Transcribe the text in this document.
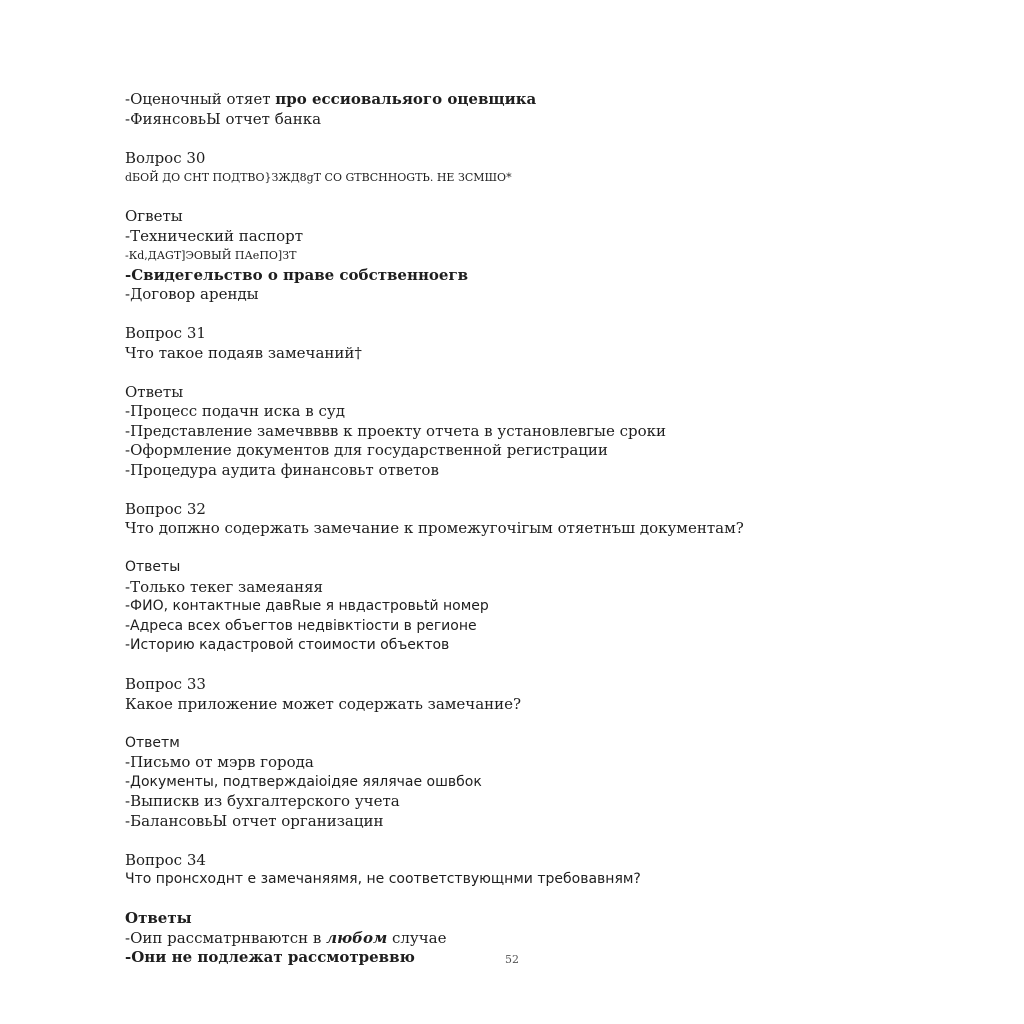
-Оценочный отяет про ессиовальяого оцевщика
-ФиянсовьЫ отчет банка
Волрос 30
dБОЙ ДО СНТ ПОДТВО}ЗЖД8gТ СО GТВСННОGТЬ. НЕ ЗСМШО*
Oгветы
-Технический паспорт
-Кd,ДАGТ]ЭОВЫЙ ПАеПО]ЗТ
-Свидегельство о праве собственноегв
-Договор аренды
Вопрос 31
Что такое подаяв замечаний†
Ответы
-Процесс подачн иска в суд
-Представление замечвввв к проекту отчета в установлевгые сроки
-Оформление документов для государственной регистрации
-Процедура аудита финансовьт ответов
Вопрос 32
Что допжно содержать замечание к промежугочігым отяетнъш документам?
Ответы
-Только текег замеяаняя
-ФИО, контактные давRые я нвдастровьtй номер
-Адреса всех объегтов недвівктіости в регионе
-Историю кадастровой стоимости объектов
Вопрос 33
Какое приложение может содержать замечание?
Ответм
-Письмо от мэрв города
-Документы, подтверждаіоідяе яялячае ошвбок
-Выпискв из бухгалтерского учета
-БалансовьЫ отчет организацин
Вопрос 34
Что пронсходнт е замечаняямя, не соответствующнми требовавням?
Ответы
-Оип рассматрнваютсн в любом случае
-Они не подлежат рассмотреввю	52
